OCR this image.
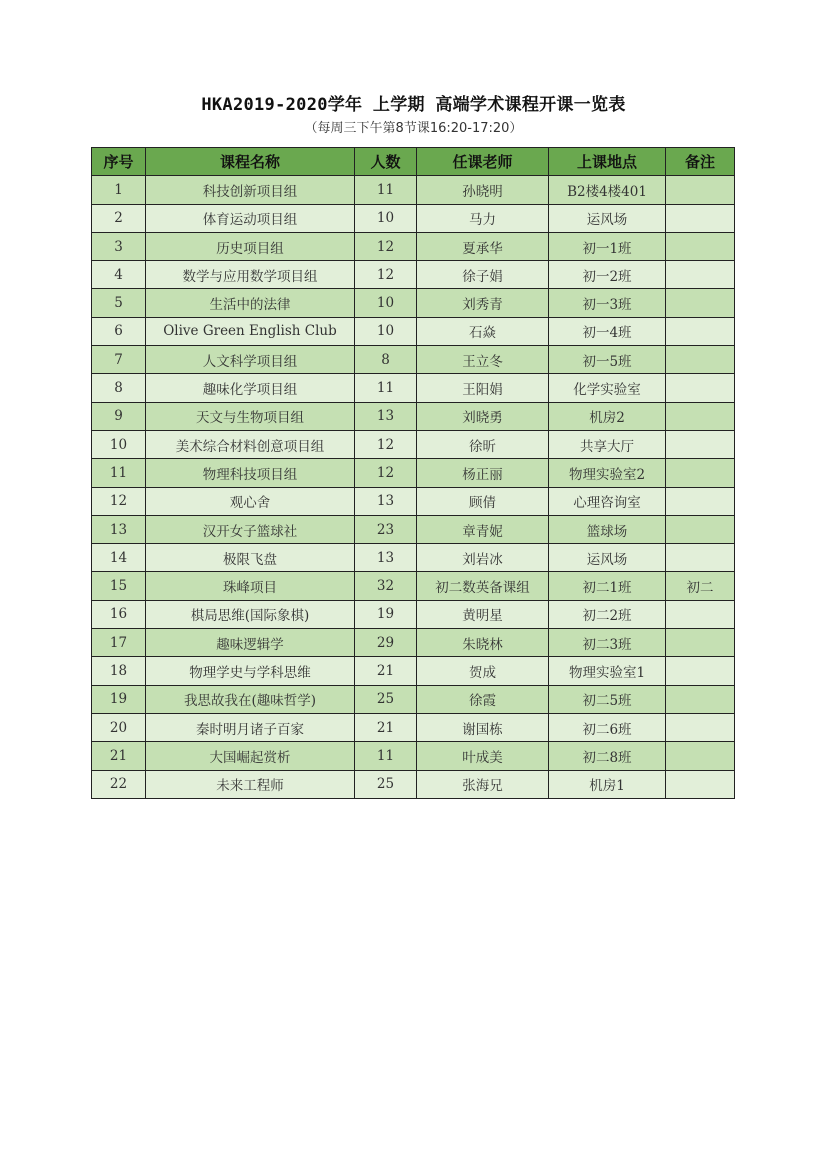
HKA2019-2020学年 上学期 高端学术课程开课一览表
（每周三下午第8节课16:20-17:20）
序号	课程名称	人数	任课老师	上课地点	备注
1	科技创新项目组	11	孙晓明	B2楼4楼401	
2	体育运动项目组	10	马力	运风场	
3	历史项目组	12	夏承华	初一1班	
4	数学与应用数学项目组	12	徐子娟	初一2班	
5	生活中的法律	10	刘秀青	初一3班	
6	Olive Green English Club	10	石焱	初一4班	
7	人文科学项目组	8	王立冬	初一5班	
8	趣味化学项目组	11	王阳娟	化学实验室	
9	天文与生物项目组	13	刘晓勇	机房2	
10	美术综合材料创意项目组	12	徐昕	共享大厅	
11	物理科技项目组	12	杨正丽	物理实验室2	
12	观心舍	13	顾倩	心理咨询室	
13	汉开女子篮球社	23	章青妮	篮球场	
14	极限飞盘	13	刘岩冰	运风场	
15	珠峰项目	32	初二数英备课组	初二1班	初二
16	棋局思维(国际象棋)	19	黄明星	初二2班	
17	趣味逻辑学	29	朱晓林	初二3班	
18	物理学史与学科思维	21	贺成	物理实验室1	
19	我思故我在(趣味哲学)	25	徐霞	初二5班	
20	秦时明月诸子百家	21	谢国栋	初二6班	
21	大国崛起赏析	11	叶成美	初二8班	
22	未来工程师	25	张海兄	机房1	
